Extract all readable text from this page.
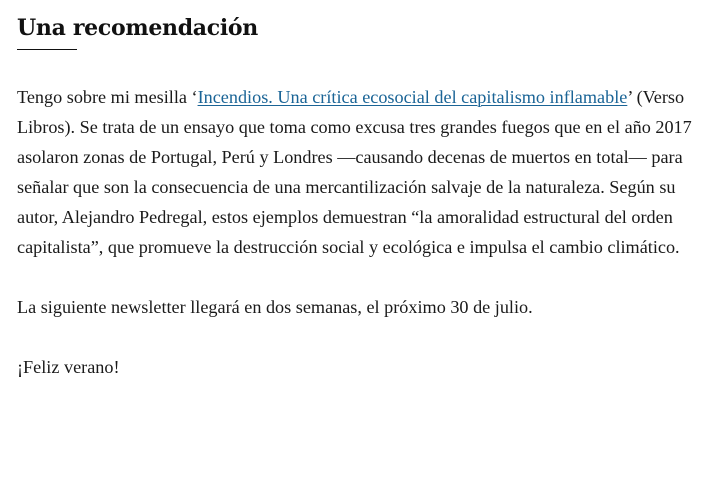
Una recomendación

Tengo sobre mi mesilla ‘Incendios. Una crítica ecosocial del capitalismo inflamable’ (Verso Libros). Se trata de un ensayo que toma como excusa tres grandes fuegos que en el año 2017 asolaron zonas de Portugal, Perú y Londres —causando decenas de muertos en total— para señalar que son la consecuencia de una mercantilización salvaje de la naturaleza. Según su autor, Alejandro Pedregal, estos ejemplos demuestran “la amoralidad estructural del orden capitalista”, que promueve la destrucción social y ecológica e impulsa el cambio climático.

La siguiente newsletter llegará en dos semanas, el próximo 30 de julio.

¡Feliz verano!
